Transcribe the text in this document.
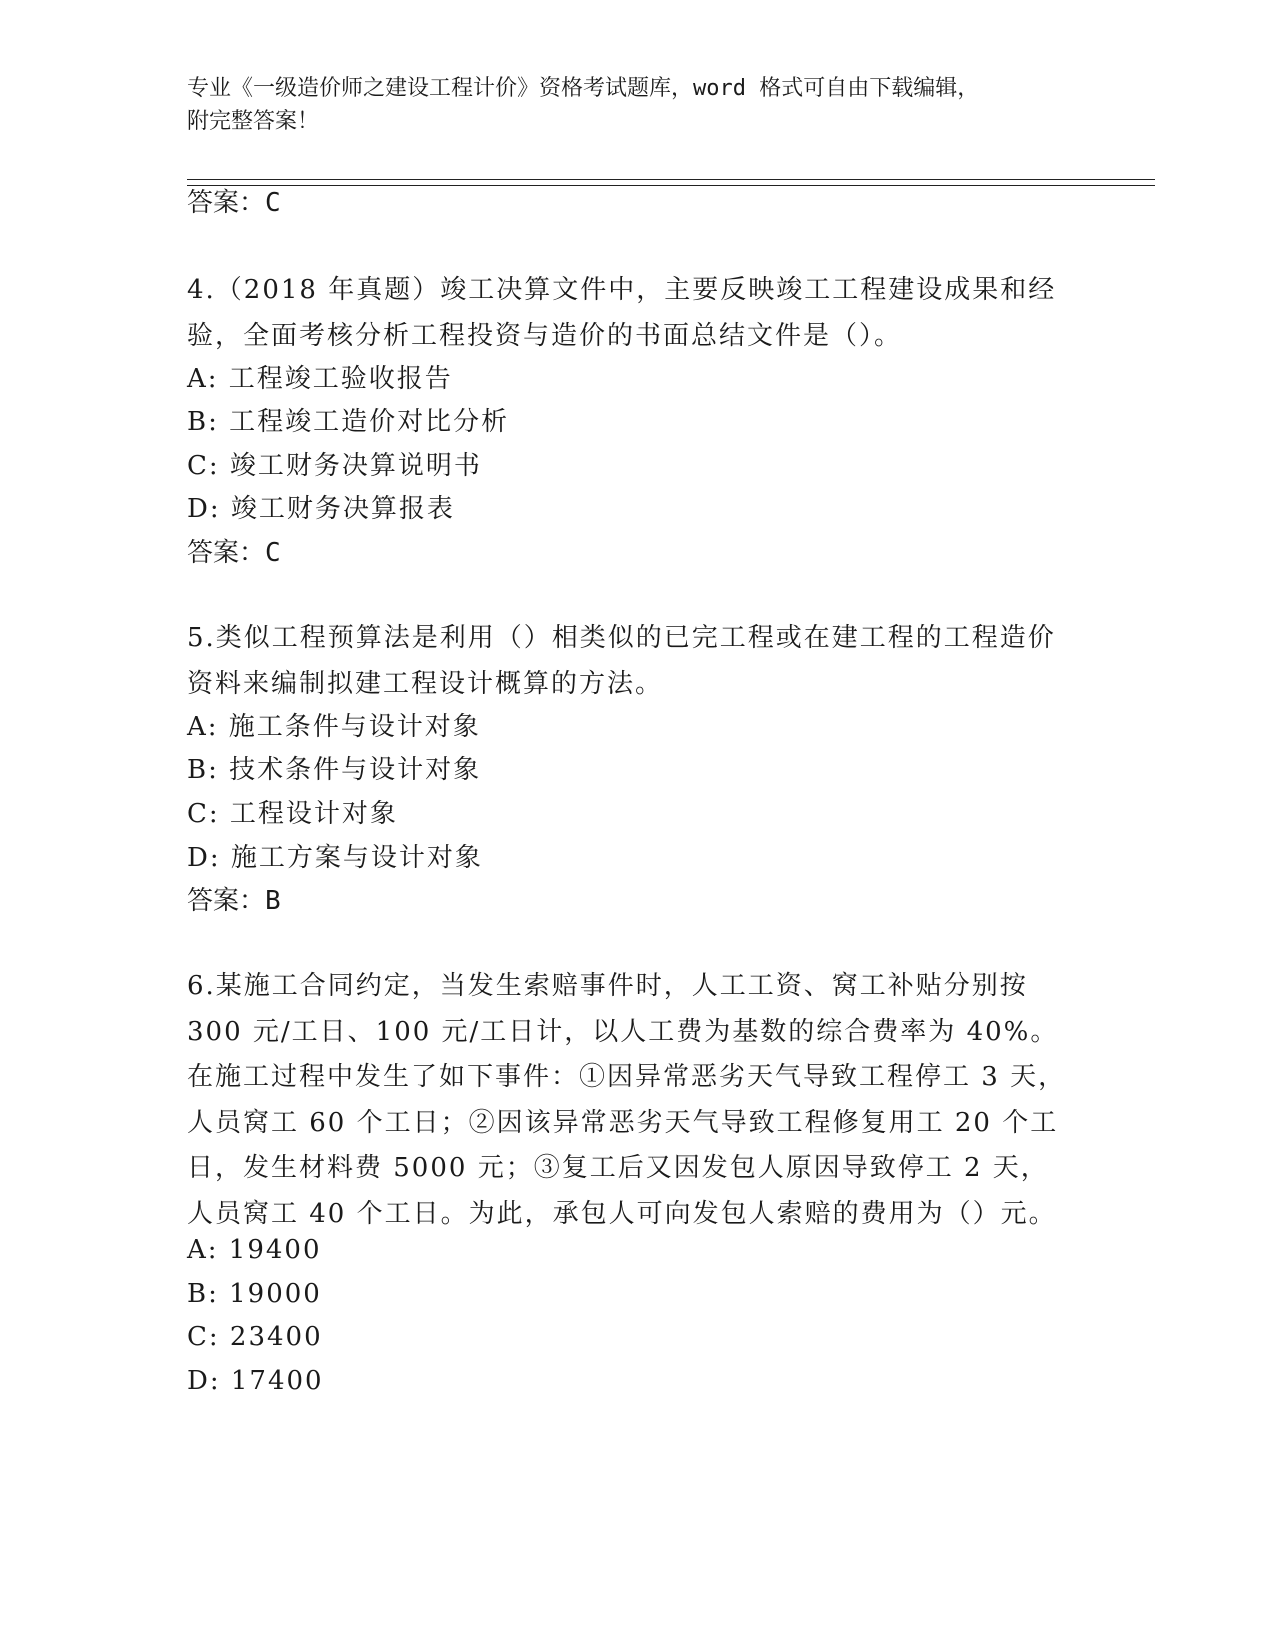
专业《一级造价师之建设工程计价》资格考试题库，word 格式可自由下载编辑，
附完整答案！
答案：C
4.（2018 年真题）竣工决算文件中，主要反映竣工工程建设成果和经验，全面考核分析工程投资与造价的书面总结文件是（）。
A: 工程竣工验收报告
B: 工程竣工造价对比分析
C: 竣工财务决算说明书
D: 竣工财务决算报表
答案：C
5.类似工程预算法是利用（）相类似的已完工程或在建工程的工程造价资料来编制拟建工程设计概算的方法。
A: 施工条件与设计对象
B: 技术条件与设计对象
C: 工程设计对象
D: 施工方案与设计对象
答案：B
6.某施工合同约定，当发生索赔事件时，人工工资、窝工补贴分别按 300 元/工日、100 元/工日计，以人工费为基数的综合费率为 40%。在施工过程中发生了如下事件：①因异常恶劣天气导致工程停工 3 天，人员窝工 60 个工日；②因该异常恶劣天气导致工程修复用工 20 个工日，发生材料费 5000 元；③复工后又因发包人原因导致停工 2 天，人员窝工 40 个工日。为此，承包人可向发包人索赔的费用为（）元。
A: 19400
B: 19000
C: 23400
D: 17400
